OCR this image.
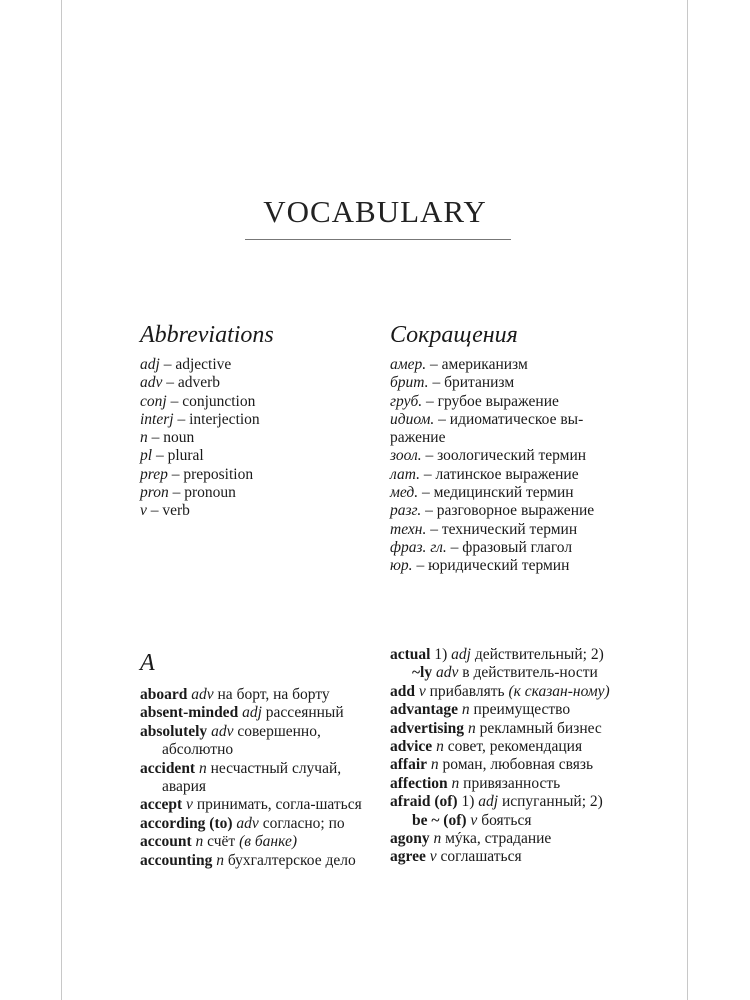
VOCABULARY
Abbreviations
adj – adjective
adv – adverb
conj – conjunction
interj – interjection
n – noun
pl – plural
prep – preposition
pron – pronoun
v – verb
Сокращения
амер. – американизм
брит. – британизм
груб. – грубое выражение
идиом. – идиоматическое вы-
ражение
зоол. – зоологический термин
лат. – латинское выражение
мед. – медицинский термин
разг. – разговорное выражение
техн. – технический термин
фраз. гл. – фразовый глагол
юр. – юридический термин
A

aboard adv на борт, на борту

absent-minded adj рассеянный

absolutely adv совершенно, абсолютно

accident n несчастный случай, авария

accept v принимать, согла-шаться

according (to) adv согласно; по

account n счёт (в банке)

accounting n бухгалтерское дело

actual 1) adj действительный; 2) ~ly adv в действитель-ности

add v прибавлять (к сказан-ному)

advantage n преимущество

advertising n рекламный бизнес

advice n совет, рекомендация

affair n роман, любовная связь

affection n привязанность

afraid (of) 1) adj испуганный; 2) be ~ (of) v бояться

agony n мýка, страдание

agree v соглашаться
